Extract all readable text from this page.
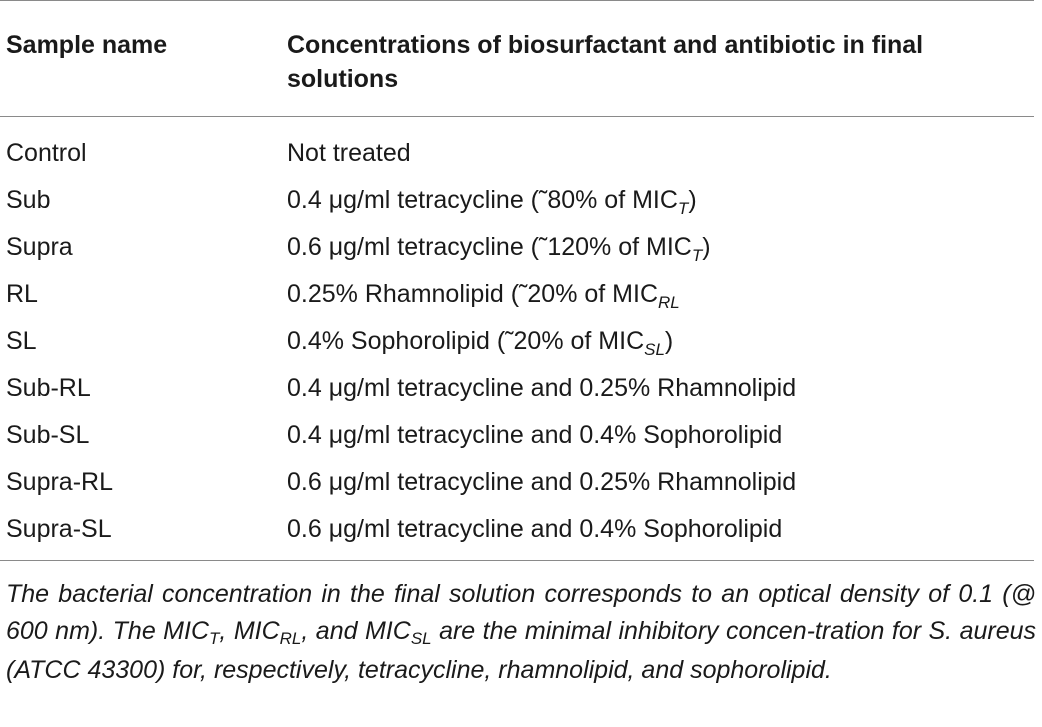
Sample name	Concentrations of biosurfactant and antibiotic in final solutions
Control	Not treated
Sub	0.4 μg/ml tetracycline (˜80% of $MIC_T$)
Supra	0.6 μg/ml tetracycline (˜120% of $MIC_T$)
RL	0.25% Rhamnolipid (˜20% of $MIC_{RL}$
SL	0.4% Sophorolipid (˜20% of $MIC_{SL}$)
Sub-RL	0.4 μg/ml tetracycline and 0.25% Rhamnolipid
Sub-SL	0.4 μg/ml tetracycline and 0.4% Sophorolipid
Supra-RL	0.6 μg/ml tetracycline and 0.25% Rhamnolipid
Supra-SL	0.6 μg/ml tetracycline and 0.4% Sophorolipid
The bacterial concentration in the final solution corresponds to an optical density of 0.1 (@ 600 nm). The $MIC_T$, $MIC_{RL}$, and $MIC_{SL}$ are the minimal inhibitory concen-tration for S. aureus (ATCC 43300) for, respectively, tetracycline, rhamnolipid, and sophorolipid.
